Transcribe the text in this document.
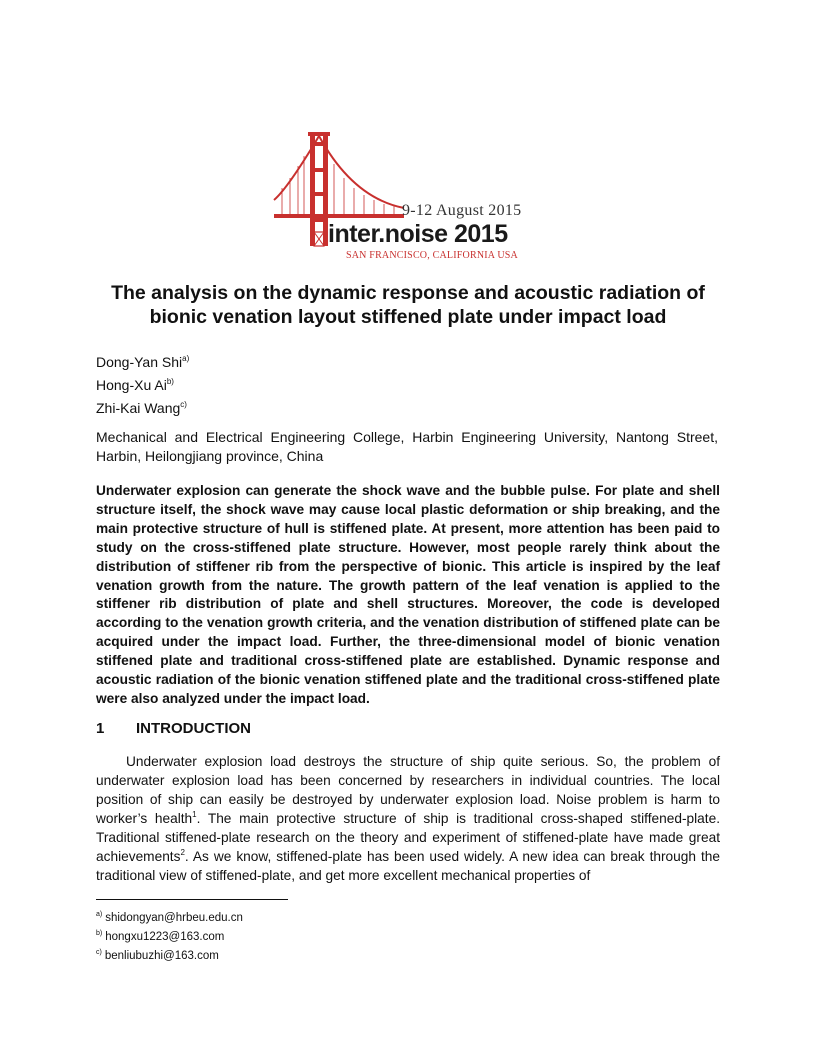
9-12 August 2015
inter.noise 2015
SAN FRANCISCO, CALIFORNIA USA
The analysis on the dynamic response and acoustic radiation of bionic venation layout stiffened plate under impact load
Dong-Yan Shi$^{a)}$
Hong-Xu Ai$^{b)}$
Zhi-Kai Wang$^{c)}$
Mechanical and Electrical Engineering College, Harbin Engineering University, Nantong Street, Harbin, Heilongjiang province, China
Underwater explosion can generate the shock wave and the bubble pulse. For plate and shell structure itself, the shock wave may cause local plastic deformation or ship breaking, and the main protective structure of hull is stiffened plate. At present, more attention has been paid to study on the cross-stiffened plate structure. However, most people rarely think about the distribution of stiffener rib from the perspective of bionic. This article is inspired by the leaf venation growth from the nature. The growth pattern of the leaf venation is applied to the stiffener rib distribution of plate and shell structures. Moreover, the code is developed according to the venation growth criteria, and the venation distribution of stiffened plate can be acquired under the impact load. Further, the three-dimensional model of bionic venation stiffened plate and traditional cross-stiffened plate are established. Dynamic response and acoustic radiation of the bionic venation stiffened plate and the traditional cross-stiffened plate were also analyzed under the impact load.
1 INTRODUCTION
Underwater explosion load destroys the structure of ship quite serious. So, the problem of underwater explosion load has been concerned by researchers in individual countries. The local position of ship can easily be destroyed by underwater explosion load. Noise problem is harm to worker’s health$^1$. The main protective structure of ship is traditional cross-shaped stiffened-plate. Traditional stiffened-plate research on the theory and experiment of stiffened-plate have made great achievements$^2$. As we know, stiffened-plate has been used widely. A new idea can break through the traditional view of stiffened-plate, and get more excellent mechanical properties of
$^{a)}$ shidongyan@hrbeu.edu.cn
$^{b)}$ hongxu1223@163.com
$^{c)}$ benliubuzhi@163.com
